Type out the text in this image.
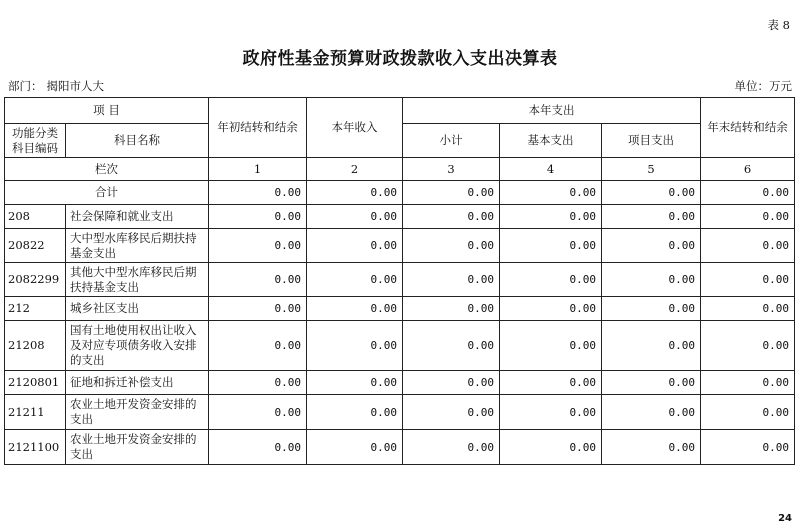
表 8
政府性基金预算财政拨款收入支出决算表
部门： 揭阳市人大	单位：万元
项 目		年初结转和结余	本年收入	本年支出			年末结转和结余
功能分类
科目编码	科目名称			小计	基本支出	项目支出	
栏次		1	2	3	4	5	6
合计		0.00	0.00	0.00	0.00	0.00	0.00
208	社会保障和就业支出	0.00	0.00	0.00	0.00	0.00	0.00
20822	大中型水库移民后期扶持基金支出	0.00	0.00	0.00	0.00	0.00	0.00
2082299	其他大中型水库移民后期扶持基金支出	0.00	0.00	0.00	0.00	0.00	0.00
212	城乡社区支出	0.00	0.00	0.00	0.00	0.00	0.00
21208	国有土地使用权出让收入及对应专项债务收入安排的支出	0.00	0.00	0.00	0.00	0.00	0.00
2120801	征地和拆迁补偿支出	0.00	0.00	0.00	0.00	0.00	0.00
21211	农业土地开发资金安排的支出	0.00	0.00	0.00	0.00	0.00	0.00
2121100	农业土地开发资金安排的支出	0.00	0.00	0.00	0.00	0.00	0.00
24
